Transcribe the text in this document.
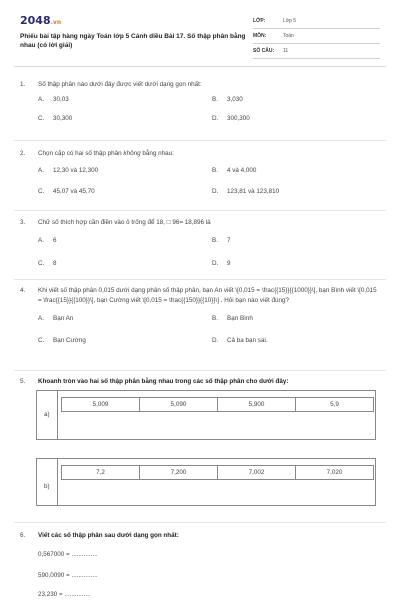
2048.vn
Phiếu bài tập hàng ngày Toán lớp 5 Cánh diều Bài 17. Số thập phân bằng nhau (có lời giải)
LỚP:	Lớp 5
MÔN:	Toán
SỐ CÂU:	11
1.	Số thập phân nào dưới đây được viết dưới dạng gọn nhất:
A.	30,03	B.	3,030
C.	30,300	D.	300,300
2.	Chọn cặp có hai số thập phân không bằng nhau:
A.	12,30 và 12,300	B.	4 và 4,000
C.	45,07 và 45,70	D.	123,81 và 123,810
3.	Chữ số thích hợp cần điền vào ô trống để 18, □ 96= 18,896 là
A.	6	B.	7
C.	8	D.	9
4.	Khi viết số thập phân 0,015 dưới dạng phân số thập phân, bạn An viết \[0,015 = \frac{{15}}{{1000}}\], bạn Bình viết \[0,015 = \frac{{15}}{{100}}\], bạn Cường viết \[0,015 = \frac{{150}}{{10}}\] . Hỏi bạn nào viết đúng?
A.	Bạn An	B.	Bạn Bình
C.	Bạn Cường	D.	Cả ba bạn sai.
5.	Khoanh tròn vào hai số thập phân bằng nhau trong các số thập phân cho dưới đây:
a)
5,009	5,090	5,900	5,9
b)
7,2	7,200	7,002	7,020
6.	Viết các số thập phân sau dưới dạng gọn nhất:
0,567000 = ...............
590,0090 = ...............
23,230 = ...............
